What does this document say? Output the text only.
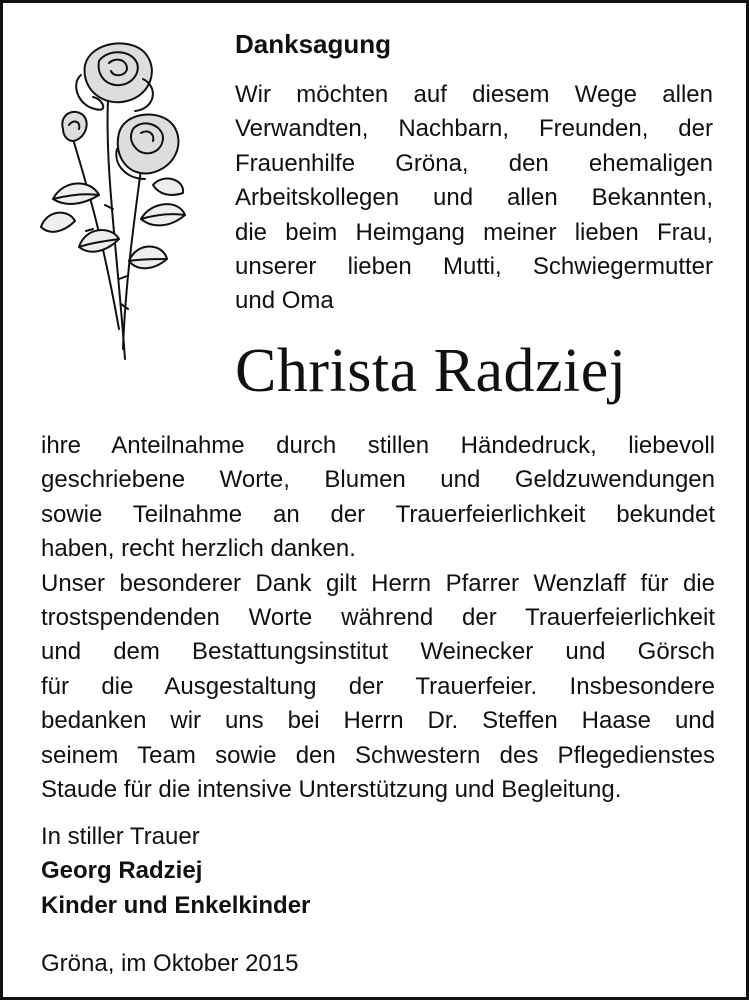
Danksagung
Wir möchten auf diesem Wege allen
Verwandten, Nachbarn, Freunden, der
Frauenhilfe Gröna, den ehemaligen
Arbeitskollegen und allen Bekannten,
die beim Heimgang meiner lieben Frau,
unserer lieben Mutti, Schwiegermutter
und Oma
Christa Radziej
ihre Anteilnahme durch stillen Händedruck, liebevoll
geschriebene Worte, Blumen und Geldzuwendungen
sowie Teilnahme an der Trauerfeierlichkeit bekundet
haben, recht herzlich danken.
Unser besonderer Dank gilt Herrn Pfarrer Wenzlaff für die
trostspendenden Worte während der Trauerfeierlichkeit
und dem Bestattungsinstitut Weinecker und Görsch
für die Ausgestaltung der Trauerfeier. Insbesondere
bedanken wir uns bei Herrn Dr. Steffen Haase und
seinem Team sowie den Schwestern des Pflegedienstes
Staude für die intensive Unterstützung und Begleitung.
In stiller Trauer
Georg Radziej
Kinder und Enkelkinder
Gröna, im Oktober 2015
